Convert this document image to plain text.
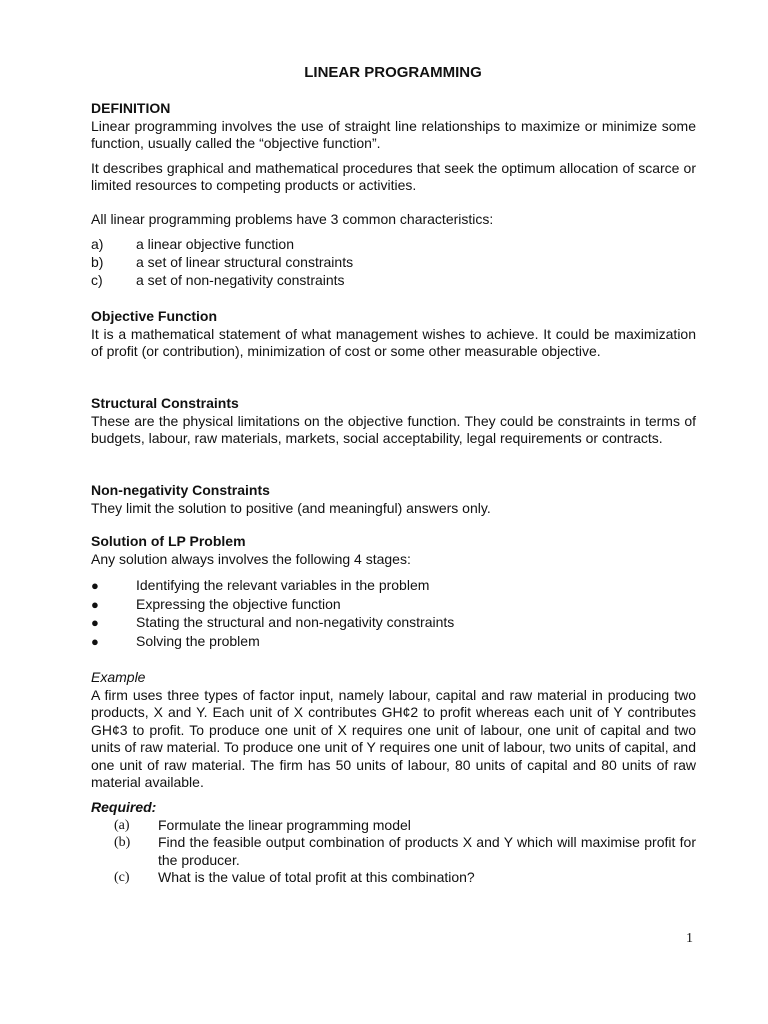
LINEAR PROGRAMMING
DEFINITION
Linear programming involves the use of straight line relationships to maximize or minimize some function, usually called the “objective function”.
It describes graphical and mathematical procedures that seek the optimum allocation of scarce or limited resources to competing products or activities.
All linear programming problems have 3 common characteristics:
a) a linear objective function
b) a set of linear structural constraints
c) a set of non-negativity constraints
Objective Function
It is a mathematical statement of what management wishes to achieve. It could be maximization of profit (or contribution), minimization of cost or some other measurable objective.
Structural Constraints
These are the physical limitations on the objective function. They could be constraints in terms of budgets, labour, raw materials, markets, social acceptability, legal requirements or contracts.
Non-negativity Constraints
They limit the solution to positive (and meaningful) answers only.
Solution of LP Problem
Any solution always involves the following 4 stages:
●	Identifying the relevant variables in the problem
●	Expressing the objective function
●	Stating the structural and non-negativity constraints
●	Solving the problem
Example
A firm uses three types of factor input, namely labour, capital and raw material in producing two products, X and Y. Each unit of X contributes GH¢2 to profit whereas each unit of Y contributes GH¢3 to profit. To produce one unit of X requires one unit of labour, one unit of capital and two units of raw material. To produce one unit of Y requires one unit of labour, two units of capital, and one unit of raw material. The firm has 50 units of labour, 80 units of capital and 80 units of raw material available.
Required:
(a) Formulate the linear programming model
(b) Find the feasible output combination of products X and Y which will maximise profit for the producer.
(c) What is the value of total profit at this combination?
1
